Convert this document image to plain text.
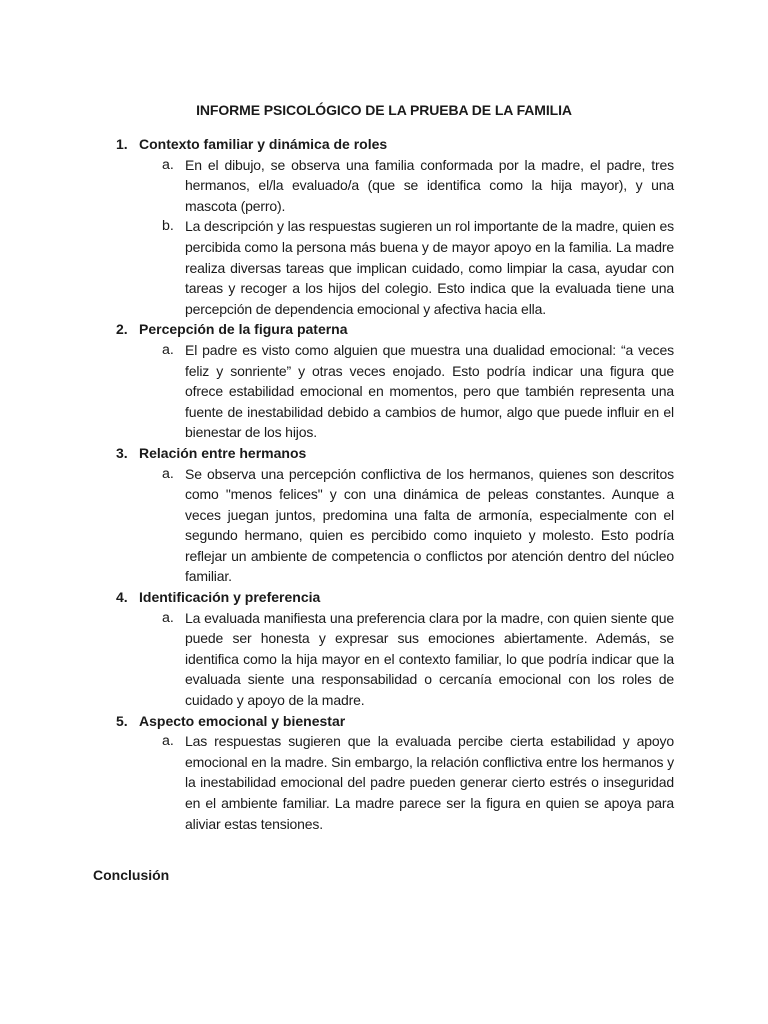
INFORME PSICOLÓGICO DE LA PRUEBA DE LA FAMILIA
1. Contexto familiar y dinámica de roles
a. En el dibujo, se observa una familia conformada por la madre, el padre, tres hermanos, el/la evaluado/a (que se identifica como la hija mayor), y una mascota (perro).

b. La descripción y las respuestas sugieren un rol importante de la madre, quien es percibida como la persona más buena y de mayor apoyo en la familia. La madre realiza diversas tareas que implican cuidado, como limpiar la casa, ayudar con tareas y recoger a los hijos del colegio. Esto indica que la evaluada tiene una percepción de dependencia emocional y afectiva hacia ella.

2. Percepción de la figura paterna
a. El padre es visto como alguien que muestra una dualidad emocional: “a veces feliz y sonriente” y otras veces enojado. Esto podría indicar una figura que ofrece estabilidad emocional en momentos, pero que también representa una fuente de inestabilidad debido a cambios de humor, algo que puede influir en el bienestar de los hijos.

3. Relación entre hermanos
a. Se observa una percepción conflictiva de los hermanos, quienes son descritos como "menos felices" y con una dinámica de peleas constantes. Aunque a veces juegan juntos, predomina una falta de armonía, especialmente con el segundo hermano, quien es percibido como inquieto y molesto. Esto podría reflejar un ambiente de competencia o conflictos por atención dentro del núcleo familiar.

4. Identificación y preferencia
a. La evaluada manifiesta una preferencia clara por la madre, con quien siente que puede ser honesta y expresar sus emociones abiertamente. Además, se identifica como la hija mayor en el contexto familiar, lo que podría indicar que la evaluada siente una responsabilidad o cercanía emocional con los roles de cuidado y apoyo de la madre.

5. Aspecto emocional y bienestar
a. Las respuestas sugieren que la evaluada percibe cierta estabilidad y apoyo emocional en la madre. Sin embargo, la relación conflictiva entre los hermanos y la inestabilidad emocional del padre pueden generar cierto estrés o inseguridad en el ambiente familiar. La madre parece ser la figura en quien se apoya para aliviar estas tensiones.

Conclusión
